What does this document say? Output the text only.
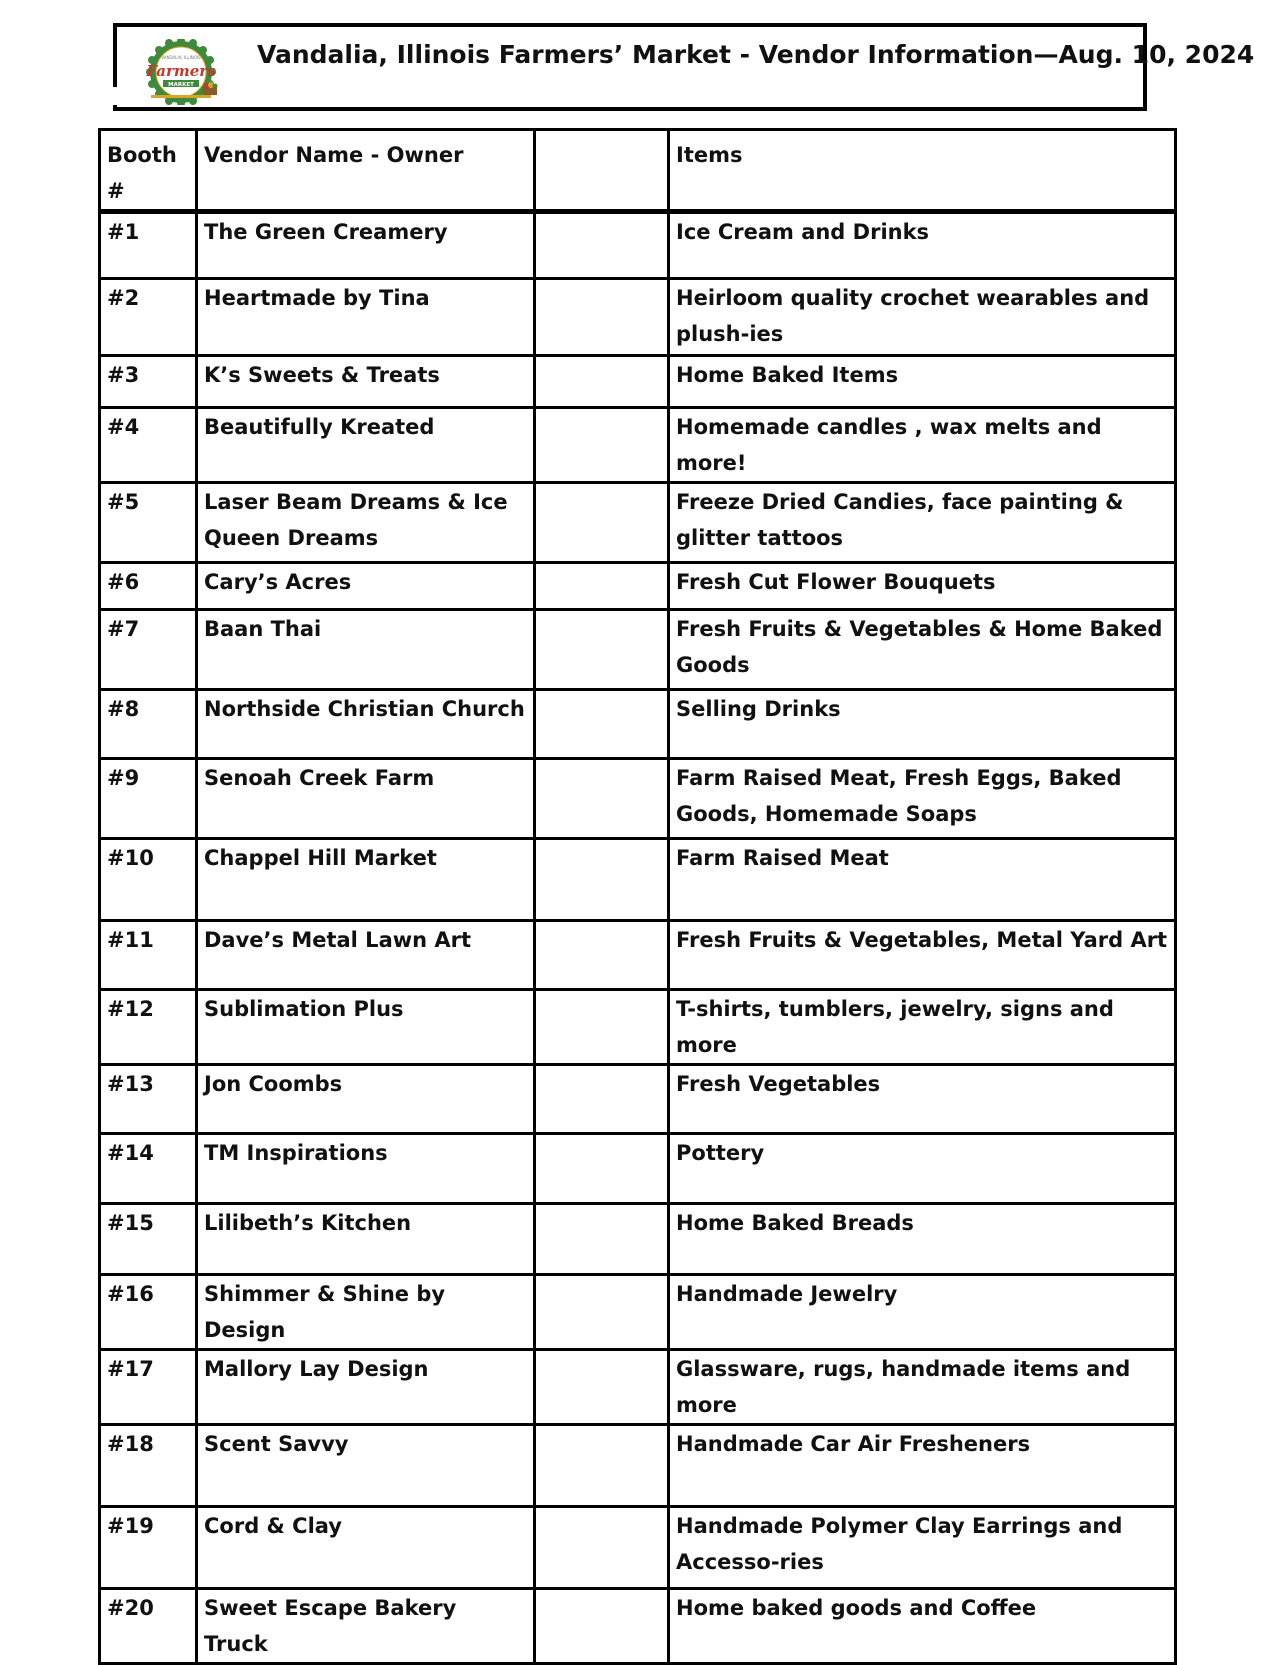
VANDALIA, ILLINOIS
Farmers
MARKET
Vandalia, Illinois Farmers’ Market - Vendor Information—Aug. 10, 2024
Booth #	Vendor Name - Owner		Items
#1	The Green Creamery		Ice Cream and Drinks
#2	Heartmade by Tina		Heirloom quality crochet wearables and plush-ies
#3	K’s Sweets & Treats		Home Baked Items
#4	Beautifully Kreated		Homemade candles , wax melts and more!
#5	Laser Beam Dreams & Ice Queen Dreams		Freeze Dried Candies, face painting & glitter tattoos
#6	Cary’s Acres		Fresh Cut Flower Bouquets
#7	Baan Thai		Fresh Fruits & Vegetables & Home Baked Goods
#8	Northside Christian Church		Selling Drinks
#9	Senoah Creek Farm		Farm Raised Meat, Fresh Eggs, Baked Goods, Homemade Soaps
#10	Chappel Hill Market		Farm Raised Meat
#11	Dave’s Metal Lawn Art		Fresh Fruits & Vegetables, Metal Yard Art
#12	Sublimation Plus		T-shirts, tumblers, jewelry, signs and more
#13	Jon Coombs		Fresh Vegetables
#14	TM Inspirations		Pottery
#15	Lilibeth’s Kitchen		Home Baked Breads
#16	Shimmer & Shine by Design		Handmade Jewelry
#17	Mallory Lay Design		Glassware, rugs, handmade items and more
#18	Scent Savvy		Handmade Car Air Fresheners
#19	Cord & Clay		Handmade Polymer Clay Earrings and Accesso-ries
#20	Sweet Escape Bakery Truck		Home baked goods and Coffee
